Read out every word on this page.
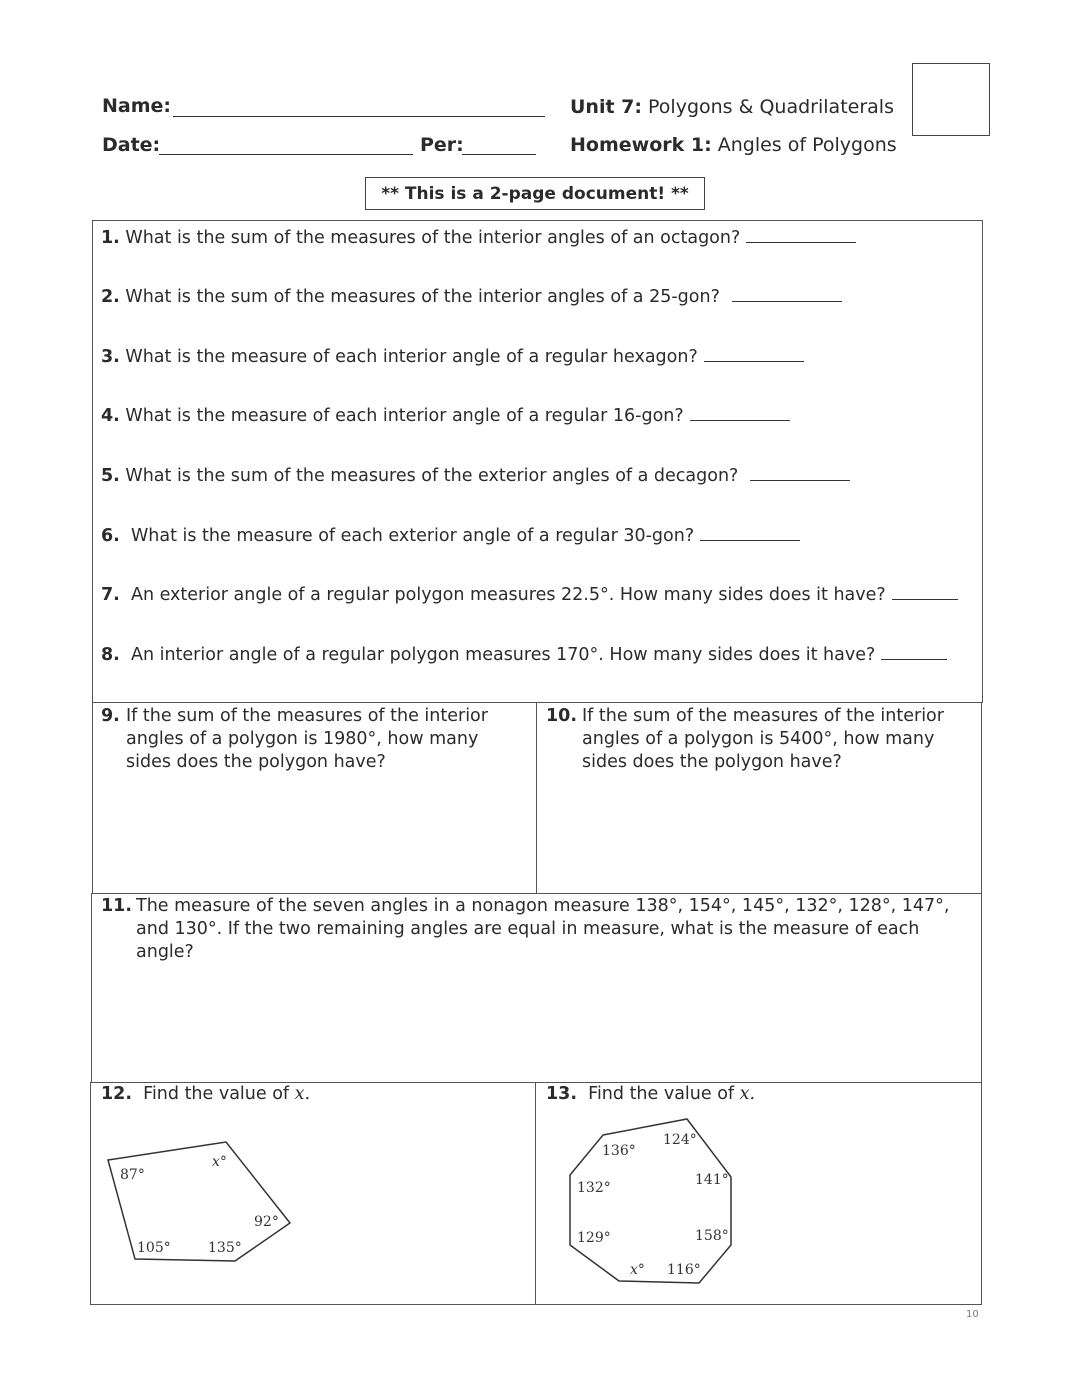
Name:
Date:	Per:
Unit 7: Polygons & Quadrilaterals
Homework 1: Angles of Polygons
** This is a 2-page document! **
1. What is the sum of the measures of the interior angles of an octagon?
2. What is the sum of the measures of the interior angles of a 25-gon?
3. What is the measure of each interior angle of a regular hexagon?
4. What is the measure of each interior angle of a regular 16-gon?
5. What is the sum of the measures of the exterior angles of a decagon?
6. What is the measure of each exterior angle of a regular 30-gon?
7. An exterior angle of a regular polygon measures 22.5°. How many sides does it have?
8. An interior angle of a regular polygon measures 170°. How many sides does it have?
9. If the sum of the measures of the interior angles of a polygon is 1980°, how many sides does the polygon have?
10. If the sum of the measures of the interior angles of a polygon is 5400°, how many sides does the polygon have?
11. The measure of the seven angles in a nonagon measure 138°, 154°, 145°, 132°, 128°, 147°, and 130°. If the two remaining angles are equal in measure, what is the measure of each angle?
12. Find the value of x.	13. Find the value of x.
87°
x°
92°
135°
105°
136°
124°
141°
158°
116°
x°
129°
132°
10
